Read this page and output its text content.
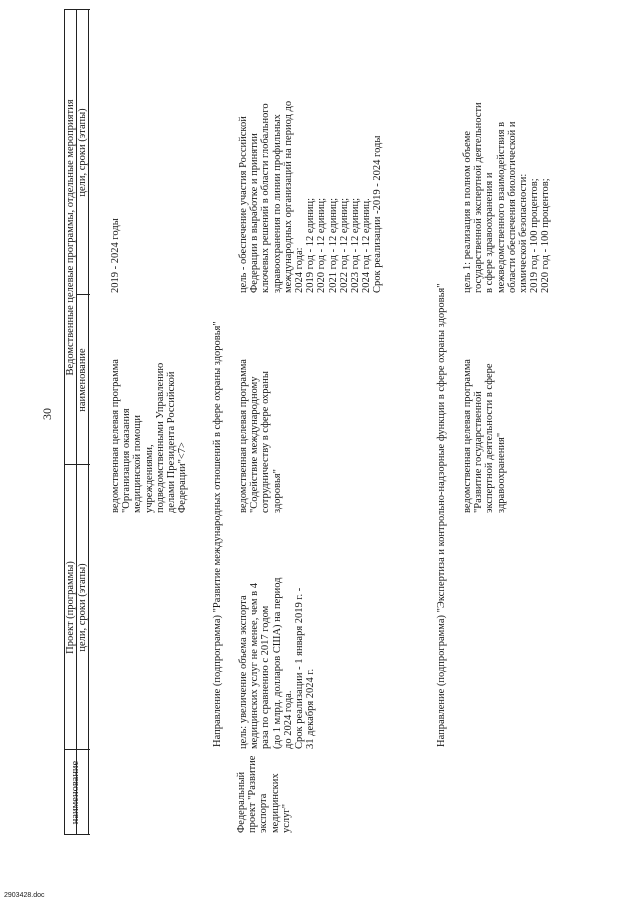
30
Проект (программы)
Ведомственные целевые программы, отдельные мероприятия
наименование
цели, сроки (этапы)
наименование
цели, сроки (этапы)
Федеральный проект "Развитие экспорта медицинских услуг"
ведомственная целевая программа "Организация оказания медицинской помощи учреждениями, подведомственными Управлению делами Президента Российской Федерации"<7>
2019 - 2024 годы
Направление (подпрограмма) "Развитие международных отношений в сфере охраны здоровья" цель: увеличение объема экспорта медицинских услуг не менее, чем в 4 раза по сравнению с 2017 годом (до 1 млрд. долларов США) на период до 2024 года. Срок реализации - 1 января 2019 г. - 31 декабря 2024 г.
ведомственная целевая программа "Содействие международному сотрудничеству в сфере охраны здоровья"
цель - обеспечение участия Российской Федерации в выработке и принятии ключевых решений в области глобального здравоохранения по линии профильных международных организаций на период до 2024 года: 2019 год - 12 единиц; 2020 год - 12 единиц; 2021 год - 12 единиц; 2022 год - 12 единиц; 2023 год - 12 единиц; 2024 год - 12 единиц. Срок реализации -2019 - 2024 годы
Направление (подпрограмма) "Экспертиза и контрольно-надзорные функции в сфере охраны здоровья" ведомственная целевая программа "Развитие государственной экспертной деятельности в сфере здравоохранения"
цель 1: реализация в полном объеме государственной экспертной деятельности в сфере здравоохранения и межведомственного взаимодействия в области обеспечения биологической и химической безопасности: 2019 год - 100 процентов; 2020 год - 100 процентов;
2903428.doc
